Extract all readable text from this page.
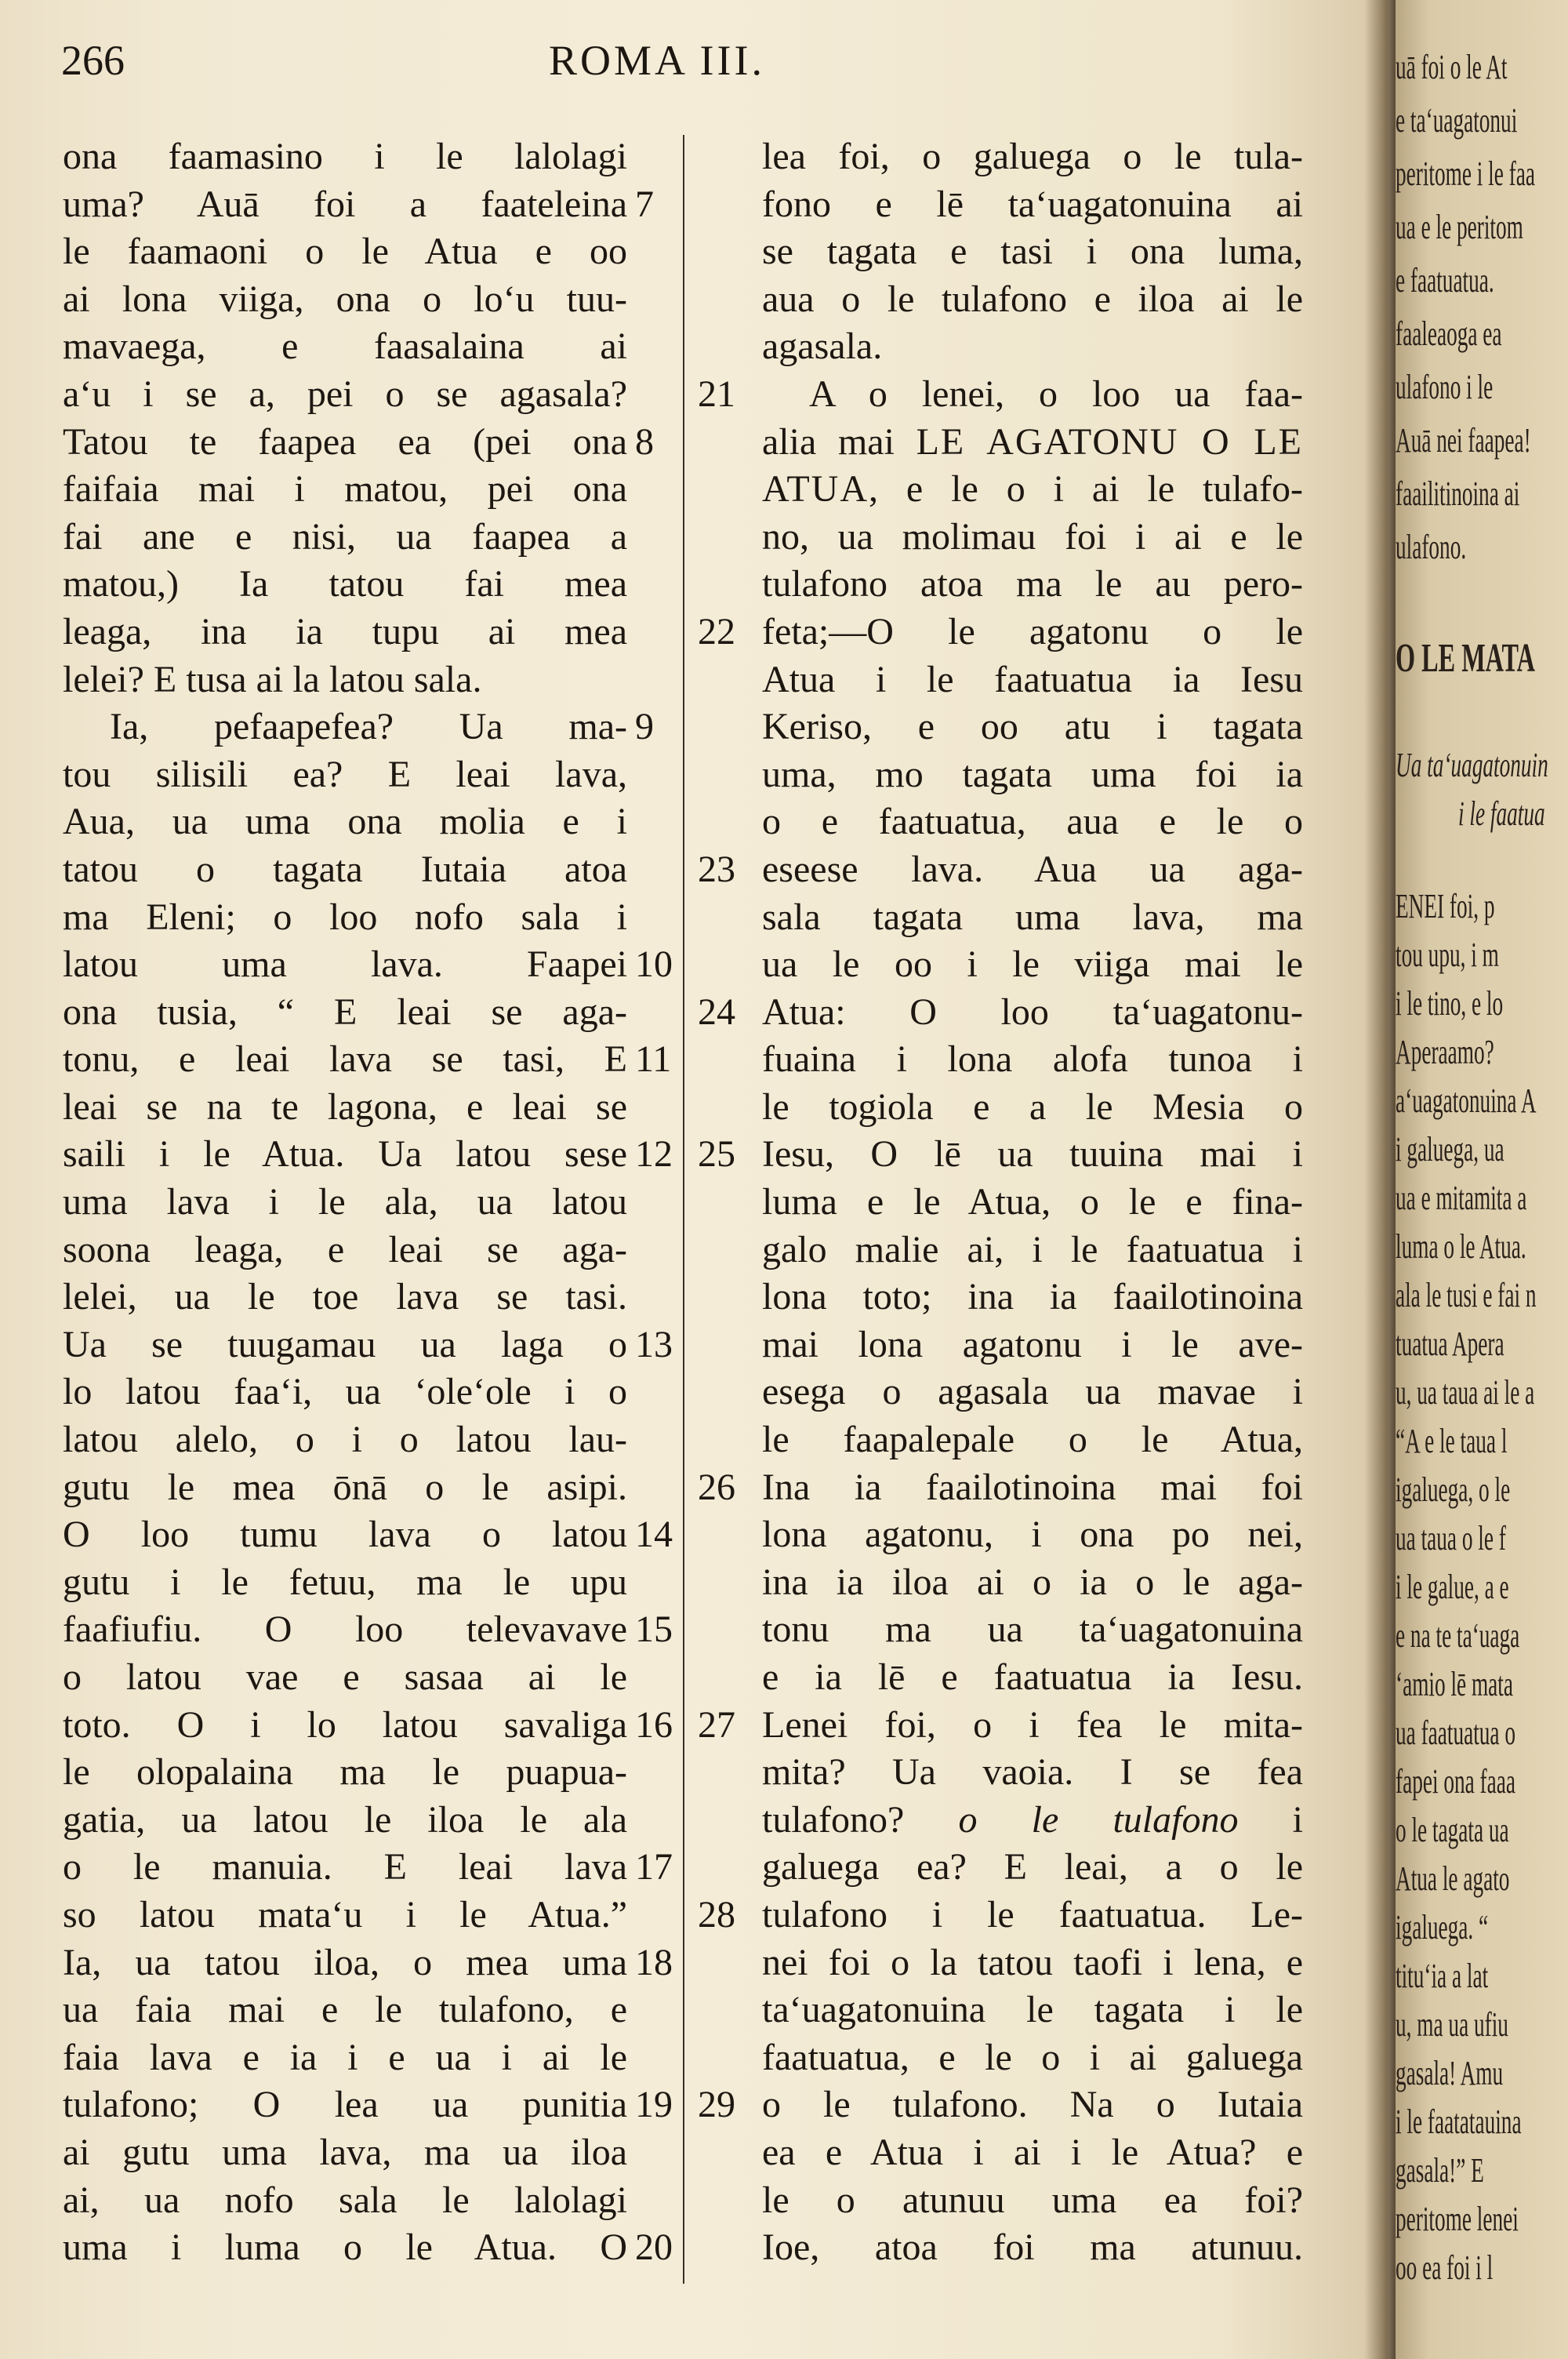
266	ROMA III.
ona faamasino i le lalolagi
uma? Auā foi a faateleina 7
le faamaoni o le Atua e oo
ai lona viiga, ona o loʻu tuu-
mavaega, e faasalaina ai
aʻu i se a, pei o se agasala?
Tatou te faapea ea (pei ona 8
faifaia mai i matou, pei ona
fai ane e nisi, ua faapea a
matou,) Ia tatou fai mea
leaga, ina ia tupu ai mea
lelei? E tusa ai la latou sala.
Ia, pefaapefea? Ua ma- 9
tou silisili ea? E leai lava,
Aua, ua uma ona molia e i
tatou o tagata Iutaia atoa
ma Eleni; o loo nofo sala i
latou uma lava. Faapei 10
ona tusia, “ E leai se aga-
tonu, e leai lava se tasi, E 11
leai se na te lagona, e leai se
saili i le Atua. Ua latou sese 12
uma lava i le ala, ua latou
soona leaga, e leai se aga-
lelei, ua le toe lava se tasi.
Ua se tuugamau ua laga o 13
lo latou faaʻi, ua ʻoleʻole i o
latou alelo, o i o latou lau-
gutu le mea ōnā o le asipi.
O loo tumu lava o latou 14
gutu i le fetuu, ma le upu
faafiufiu. O loo televavave 15
o latou vae e sasaa ai le
toto. O i lo latou savaliga 16
le olopalaina ma le puapua-
gatia, ua latou le iloa le ala
o le manuia. E leai lava 17
so latou mataʻu i le Atua.”
Ia, ua tatou iloa, o mea uma 18
ua faia mai e le tulafono, e
faia lava e ia i e ua i ai le
tulafono; O lea ua punitia 19
ai gutu uma lava, ma ua iloa
ai, ua nofo sala le lalolagi
uma i luma o le Atua. O 20
lea foi, o galuega o le tula-
fono e lē taʻuagatonuina ai
se tagata e tasi i ona luma,
aua o le tulafono e iloa ai le
agasala.
A o lenei, o loo ua faa-
21
alia mai LE AGATONU O LE
ATUA, e le o i ai le tulafo-
no, ua molimau foi i ai e le
tulafono atoa ma le au pero-
feta;—O le agatonu o le
22
Atua i le faatuatua ia Iesu
Keriso, e oo atu i tagata
uma, mo tagata uma foi ia
o e faatuatua, aua e le o
eseese lava. Aua ua aga-
23
sala tagata uma lava, ma
ua le oo i le viiga mai le
Atua: O loo taʻuagatonu-
24
fuaina i lona alofa tunoa i
le togiola e a le Mesia o
Iesu, O lē ua tuuina mai i
25
luma e le Atua, o le e fina-
galo malie ai, i le faatuatua i
lona toto; ina ia faailotinoina
mai lona agatonu i le ave-
esega o agasala ua mavae i
le faapalepale o le Atua,
Ina ia faailotinoina mai foi
26
lona agatonu, i ona po nei,
ina ia iloa ai o ia o le aga-
tonu ma ua taʻuagatonuina
e ia lē e faatuatua ia Iesu.
Lenei foi, o i fea le mita-
27
mita? Ua vaoia. I se fea
tulafono? o le tulafono i
galuega ea? E leai, a o le
tulafono i le faatuatua. Le-
28
nei foi o la tatou taofi i lena, e
taʻuagatonuina le tagata i le
faatuatua, e le o i ai galuega
o le tulafono. Na o Iutaia
29
ea e Atua i ai i le Atua? e
le o atunuu uma ea foi?
Ioe, atoa foi ma atunuu.
uā foi o le At
e taʻuagatonui
peritome i le faa
ua e le peritom
e faatuatua.
faaleaoga ea
ulafono i le
Auā nei faapea!
faailitinoina ai
ulafono.
O LE MATA
Ua taʻuagatonuin
i le faatua
ENEI foi, p
tou upu, i m
i le tino, e lo
Aperaamo?
aʻuagatonuina A
i galuega, ua
ua e mitamita a
luma o le Atua.
ala le tusi e fai n
tuatua Apera
u, ua taua ai le a
“A e le taua l
igaluega, o le
ua taua o le f
i le galue, a e
e na te taʻuaga
ʻamio lē mata
ua faatuatua o
fapei ona faaa
o le tagata ua
Atua le agato
igaluega. “
tituʻia a lat
u, ma ua ufiu
gasala! Amu
i le faatatauina
gasala!” E
peritome lenei
oo ea foi i l
